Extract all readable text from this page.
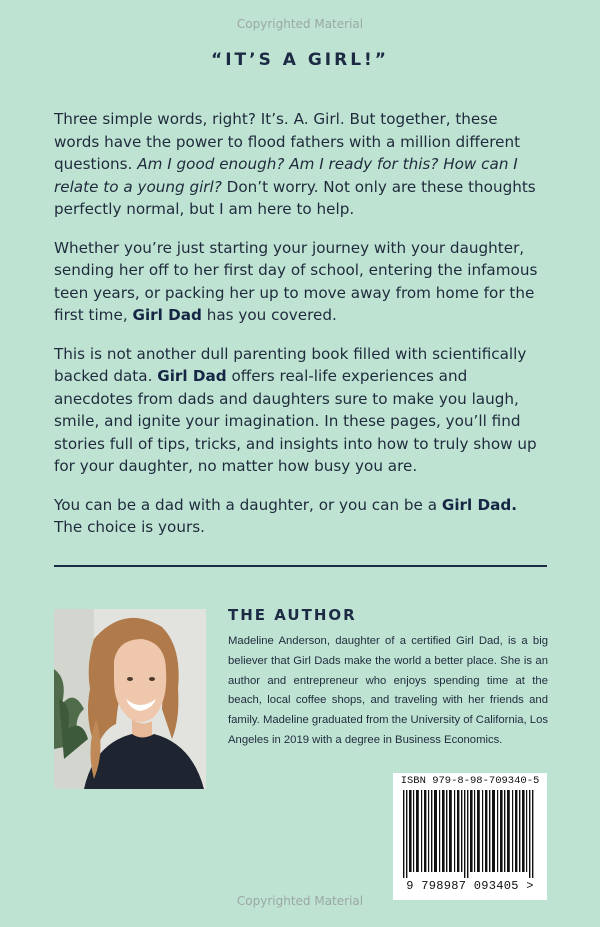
Copyrighted Material
“IT’S A GIRL!”

Three simple words, right? It’s. A. Girl. But together, these words have the power to flood fathers with a million different questions. Am I good enough? Am I ready for this? How can I relate to a young girl? Don’t worry. Not only are these thoughts perfectly normal, but I am here to help.

Whether you’re just starting your journey with your daughter, sending her off to her first day of school, entering the infamous teen years, or packing her up to move away from home for the first time, Girl Dad has you covered.

This is not another dull parenting book filled with scientifically backed data. Girl Dad offers real-life experiences and anecdotes from dads and daughters sure to make you laugh, smile, and ignite your imagination. In these pages, you’ll find stories full of tips, tricks, and insights into how to truly show up for your daughter, no matter how busy you are.

You can be a dad with a daughter, or you can be a Girl Dad. The choice is yours.

THE AUTHOR
Madeline Anderson, daughter of a certified Girl Dad, is a big believer that Girl Dads make the world a better place. She is an author and entrepreneur who enjoys spending time at the beach, local coffee shops, and traveling with her friends and family. Madeline graduated from the University of California, Los Angeles in 2019 with a degree in Business Economics.
ISBN 979-8-98-709340-5
9 798987 093405 >
Copyrighted Material
